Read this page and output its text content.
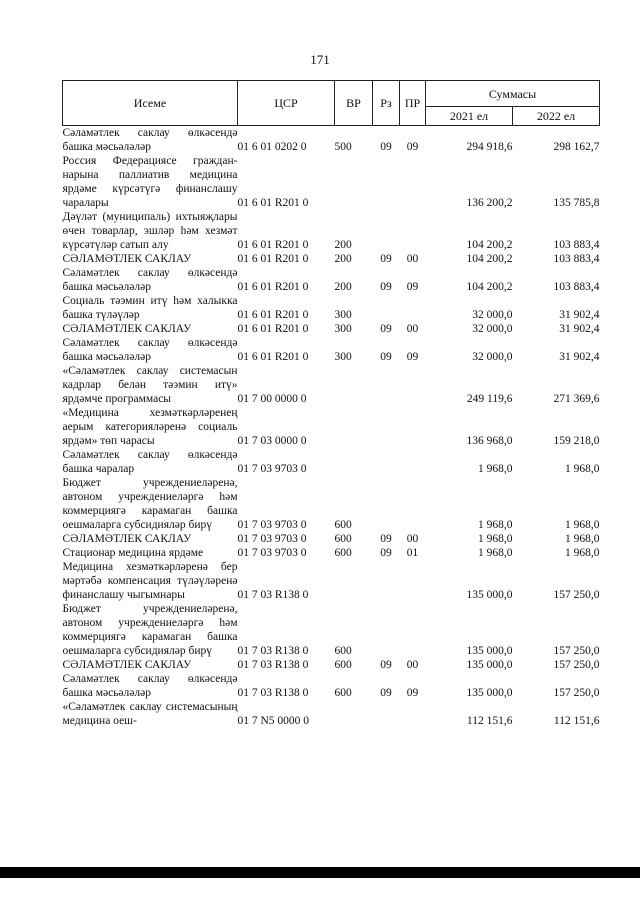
171
Исеме	ЦСР	ВР	Рз	ПР	Суммасы	
					2021 ел	2022 ел
Сәламәтлек саклау өлкәсендә башка мәсьәләләр	01 6 01 0202 0	500	09	09	294 918,6	298 162,7
Россия Федерациясе гражданнарына паллиатив медицина ярдәме күрсәтүгә финанслашу чаралары	01 6 01 R201 0				136 200,2	135 785,8
Дәүләт (муниципаль) ихтыяҗлары өчен товарлар, эшләр һәм хезмәт күрсәтүләр сатып алу	01 6 01 R201 0	200			104 200,2	103 883,4
СӘЛАМӘТЛЕК САКЛАУ	01 6 01 R201 0	200	09	00	104 200,2	103 883,4
Сәламәтлек саклау өлкәсендә башка мәсьәләләр	01 6 01 R201 0	200	09	09	104 200,2	103 883,4
Социаль тәэмин итү һәм халыкка башка түләүләр	01 6 01 R201 0	300			32 000,0	31 902,4
СӘЛАМӘТЛЕК САКЛАУ	01 6 01 R201 0	300	09	00	32 000,0	31 902,4
Сәламәтлек саклау өлкәсендә башка мәсьәләләр	01 6 01 R201 0	300	09	09	32 000,0	31 902,4
«Сәламәтлек саклау системасын кадрлар белән тәэмин итү» ярдәмче программасы	01 7 00 0000 0				249 119,6	271 369,6
«Медицина хезмәткәрләренең аерым категорияләренә социаль ярдәм» төп чарасы	01 7 03 0000 0				136 968,0	159 218,0
Сәламәтлек саклау өлкәсендә башка чаралар	01 7 03 9703 0				1 968,0	1 968,0
Бюджет учреждениеләренә, автоном учреждениеләргә һәм коммерциягә карамаган башка оешмаларга субсидияләр бирү	01 7 03 9703 0	600			1 968,0	1 968,0
СӘЛАМӘТЛЕК САКЛАУ	01 7 03 9703 0	600	09	00	1 968,0	1 968,0
Стационар медицина ярдәме	01 7 03 9703 0	600	09	01	1 968,0	1 968,0
Медицина хезмәткәрләренә бер мәртәбә компенсация түләүләренә финанслашу чыгымнары	01 7 03 R138 0				135 000,0	157 250,0
Бюджет учреждениеләренә, автоном учреждениеләргә һәм коммерциягә карамаган башка оешмаларга субсидияләр бирү	01 7 03 R138 0	600			135 000,0	157 250,0
СӘЛАМӘТЛЕК САКЛАУ	01 7 03 R138 0	600	09	00	135 000,0	157 250,0
Сәламәтлек саклау өлкәсендә башка мәсьәләләр	01 7 03 R138 0	600	09	09	135 000,0	157 250,0
«Сәламәтлек саклау системасының медицина оеш-	01 7 N5 0000 0				112 151,6	112 151,6
